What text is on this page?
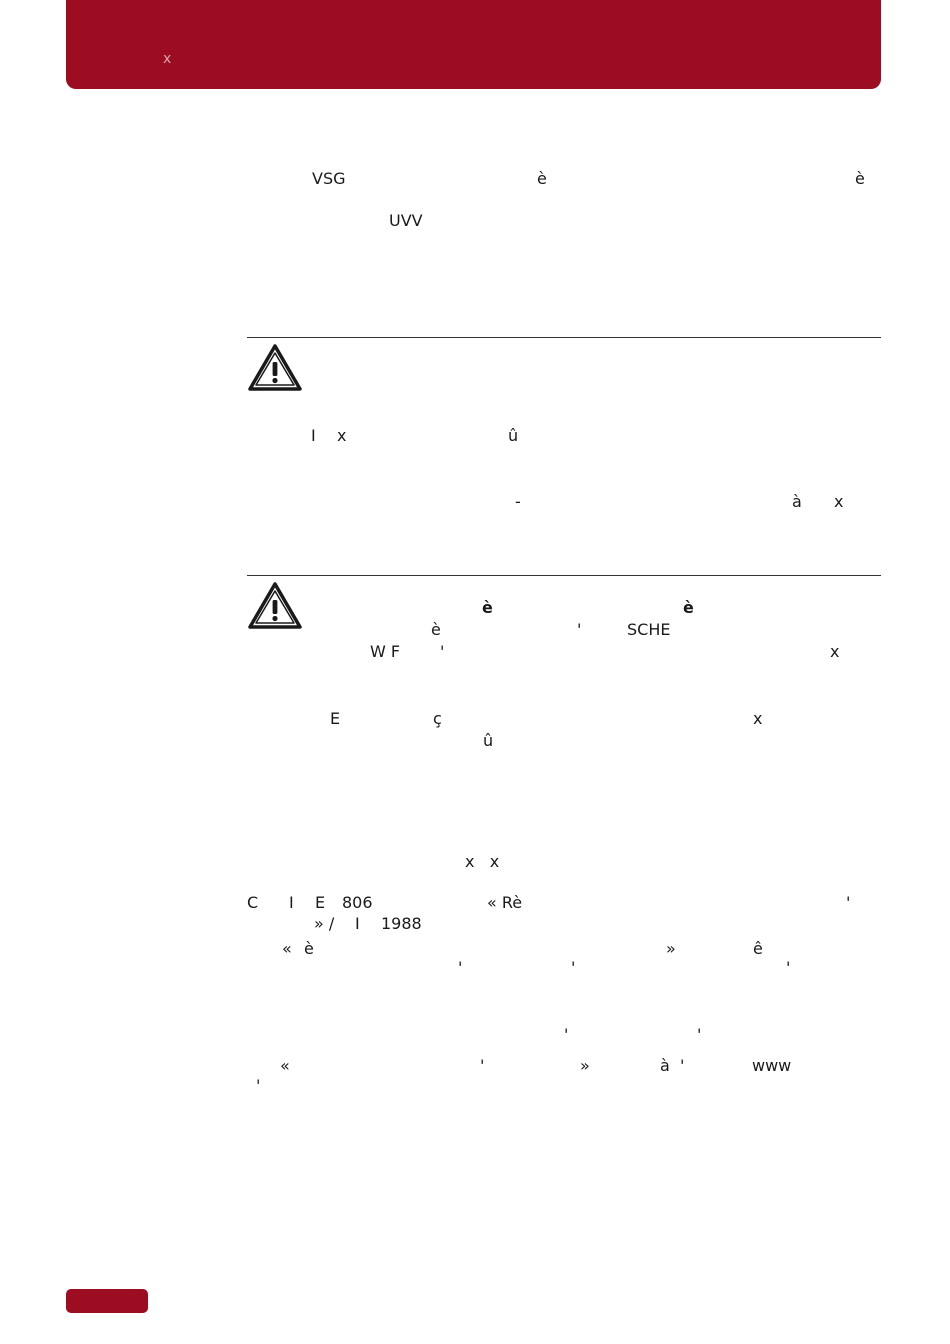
x
VSG	è	è
UVV
I x	û
-	à x
è	è
è	'	SCHE
W F '	x
E	ç	x
û
x   x
C I E 806	« Rè	'
» / I 1988
« è	»	ê
'	'	'
'	'
«	'	»	à '	www
'
